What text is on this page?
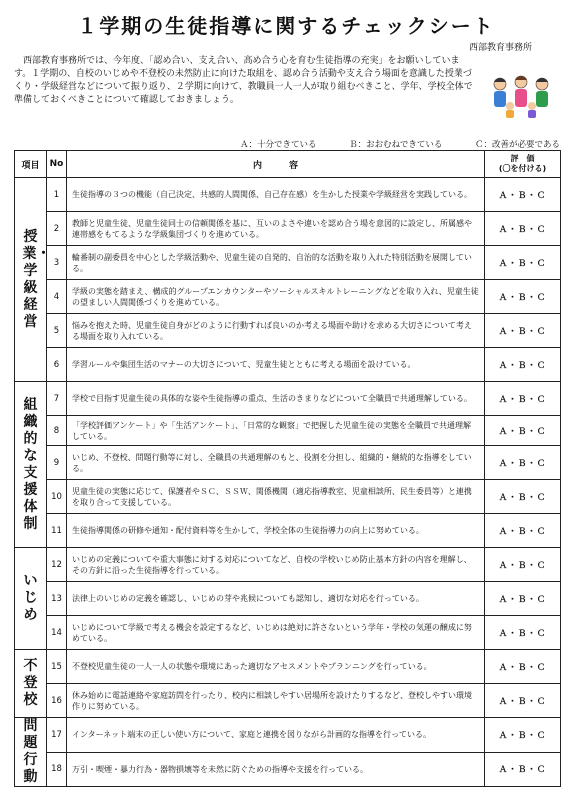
１学期の生徒指導に関するチェックシート
西部教育事務所
　西部教育事務所では、今年度、「認め合い、支え合い、高め合う心を育む生徒指導の充実」をお願いしています。１学期の、自校のいじめや不登校の未然防止に向けた取組を、認め合う活動や支え合う場面を意識した授業づくり・学級経営などについて振り返り、２学期に向けて、教職員一人一人が取り組むべきこと、学年、学校全体で準備しておくべきことについて確認しておきましょう。
Ａ：十分できている	Ｂ：おおむねできている	Ｃ：改善が必要である
項目	No	内　　　容	評　価
(〇を付ける)
授業・学級経営	1	生徒指導の３つの機能（自己決定、共感的人間関係、自己存在感）を生かした授業や学級経営を実践している。	Ａ・Ｂ・Ｃ
	2	教師と児童生徒、児童生徒同士の信頼関係を基に、互いのよさや違いを認め合う場を意図的に設定し、所属感や連帯感をもてるような学級集団づくりを進めている。	Ａ・Ｂ・Ｃ
	3	輪番制の副委員を中心とした学級活動や、児童生徒の自発的、自治的な活動を取り入れた特別活動を展開している。	Ａ・Ｂ・Ｃ
	4	学級の実態を踏まえ、構成的グループエンカウンターやソーシャルスキルトレーニングなどを取り入れ、児童生徒の望ましい人間関係づくりを進めている。	Ａ・Ｂ・Ｃ
	5	悩みを抱えた時、児童生徒自身がどのように行動すれば良いのか考える場面や助けを求める大切さについて考える場面を取り入れている。	Ａ・Ｂ・Ｃ
	6	学習ルールや集団生活のマナーの大切さについて、児童生徒とともに考える場面を設けている。	Ａ・Ｂ・Ｃ
組織的な支援体制	7	学校で目指す児童生徒の具体的な姿や生徒指導の重点、生活のきまりなどについて全職員で共通理解している。	Ａ・Ｂ・Ｃ
	8	「学校評価アンケート」や「生活アンケート」、「日常的な観察」で把握した児童生徒の実態を全職員で共通理解している。	Ａ・Ｂ・Ｃ
	9	いじめ、不登校、問題行動等に対し、全職員の共通理解のもと、役割を分担し、組織的・継続的な指導をしている。	Ａ・Ｂ・Ｃ
	10	児童生徒の実態に応じて、保護者やＳＣ、ＳＳＷ、関係機関（適応指導教室、児童相談所、民生委員等）と連携を取り合って支援している。	Ａ・Ｂ・Ｃ
	11	生徒指導関係の研修や通知・配付資料等を生かして、学校全体の生徒指導力の向上に努めている。	Ａ・Ｂ・Ｃ
いじめ	12	いじめの定義についてや重大事態に対する対応についてなど、自校の学校いじめ防止基本方針の内容を理解し、その方針に沿った生徒指導を行っている。	Ａ・Ｂ・Ｃ
	13	法律上のいじめの定義を確認し、いじめの芽や兆候についても認知し、適切な対応を行っている。	Ａ・Ｂ・Ｃ
	14	いじめについて学級で考える機会を設定するなど、いじめは絶対に許さないという学年・学校の気運の醸成に努めている。	Ａ・Ｂ・Ｃ
不登校	15	不登校児童生徒の一人一人の状態や環境にあった適切なアセスメントやプランニングを行っている。	Ａ・Ｂ・Ｃ
	16	休み始めに電話連絡や家庭訪問を行ったり、校内に相談しやすい居場所を設けたりするなど、登校しやすい環境作りに努めている。	Ａ・Ｂ・Ｃ
問題行動	17	インターネット端末の正しい使い方について、家庭と連携を図りながら計画的な指導を行っている。	Ａ・Ｂ・Ｃ
	18	万引・喫煙・暴力行為・器物損壊等を未然に防ぐための指導や支援を行っている。	Ａ・Ｂ・Ｃ
